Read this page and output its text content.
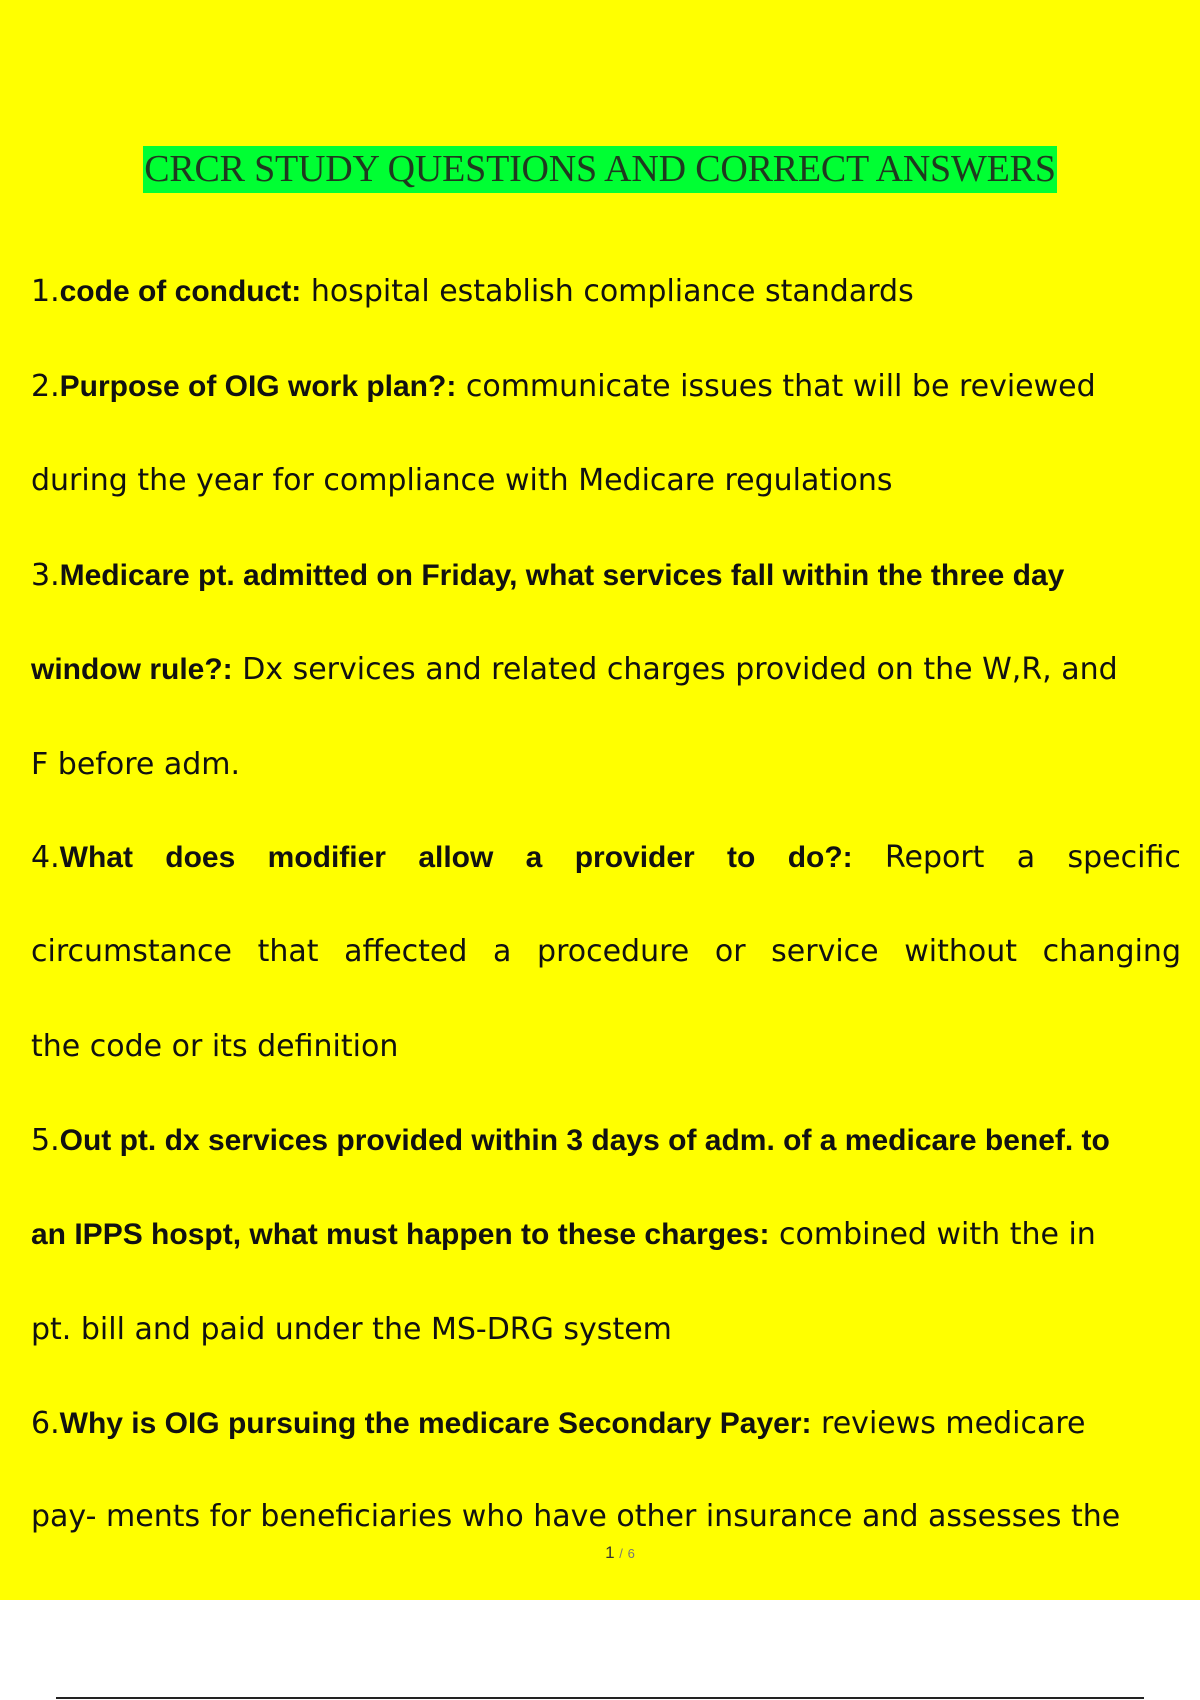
CRCR STUDY QUESTIONS AND CORRECT ANSWERS
1.code of conduct: hospital establish compliance standards
2.Purpose of OIG work plan?: communicate issues that will be reviewed
during the year for compliance with Medicare regulations
3.Medicare pt. admitted on Friday, what services fall within the three day
window rule?: Dx services and related charges provided on the W,R, and
F before adm.
4.What does modifier allow a provider to do?: Report a specific
circumstance that affected a procedure or service without changing
the code or its definition
5.Out pt. dx services provided within 3 days of adm. of a medicare benef. to
an IPPS hospt, what must happen to these charges: combined with the in
pt. bill and paid under the MS-DRG system
6.Why is OIG pursuing the medicare Secondary Payer: reviews medicare
pay- ments for beneficiaries who have other insurance and assesses the
1 / 6
